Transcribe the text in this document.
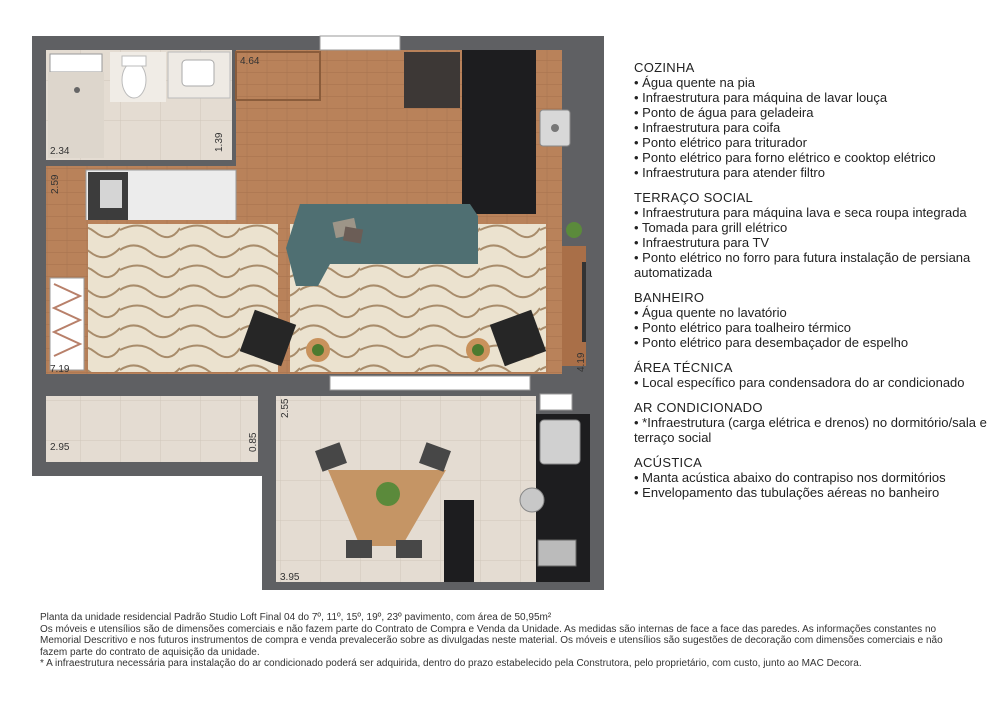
4.64
2.34	1.39
2.59
7.19	4.19
2.95	0.85
2.55
3.95
COZINHA
• Água quente na pia
• Infraestrutura para máquina de lavar louça
• Ponto de água para geladeira
• Infraestrutura para coifa
• Ponto elétrico para triturador
• Ponto elétrico para forno elétrico e cooktop elétrico
• Infraestrutura para atender filtro
TERRAÇO SOCIAL
• Infraestrutura para máquina lava e seca roupa integrada
• Tomada para grill elétrico
• Infraestrutura para TV
• Ponto elétrico no forro para futura instalação de persiana automatizada
BANHEIRO
• Água quente no lavatório
• Ponto elétrico para toalheiro térmico
• Ponto elétrico para desembaçador de espelho
ÁREA TÉCNICA
• Local específico para condensadora do ar condicionado
AR CONDICIONADO
• *Infraestrutura (carga elétrica e drenos) no dormitório/sala e terraço social
ACÚSTICA
• Manta acústica abaixo do contrapiso nos dormitórios
• Envelopamento das tubulações aéreas no banheiro
Planta da unidade residencial Padrão Studio Loft Final 04 do 7º, 11º, 15º, 19º, 23º pavimento, com área de 50,95m²
Os móveis e utensílios são de dimensões comerciais e não fazem parte do Contrato de Compra e Venda da Unidade. As medidas são internas de face a face das paredes. As informações constantes no Memorial Descritivo e nos futuros instrumentos de compra e venda prevalecerão sobre as divulgadas neste material. Os móveis e utensílios são sugestões de decoração com dimensões comerciais e não fazem parte do contrato de aquisição da unidade.
* A infraestrutura necessária para instalação do ar condicionado poderá ser adquirida, dentro do prazo estabelecido pela Construtora, pelo proprietário, com custo, junto ao MAC Decora.
